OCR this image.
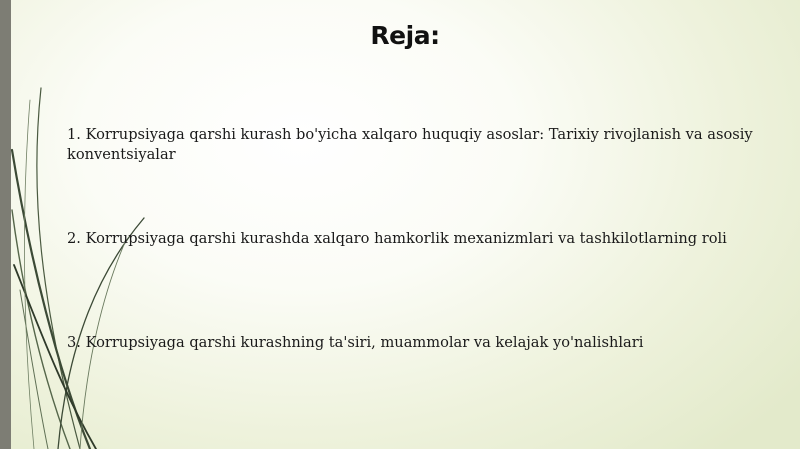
Reja:

1. Korrupsiyaga qarshi kurash bo'yicha xalqaro huquqiy asoslar: Tarixiy rivojlanish va asosiy konventsiyalar

2. Korrupsiyaga qarshi kurashda xalqaro hamkorlik mexanizmlari va tashkilotlarning roli

3. Korrupsiyaga qarshi kurashning ta'siri, muammolar va kelajak yo'nalishlari
